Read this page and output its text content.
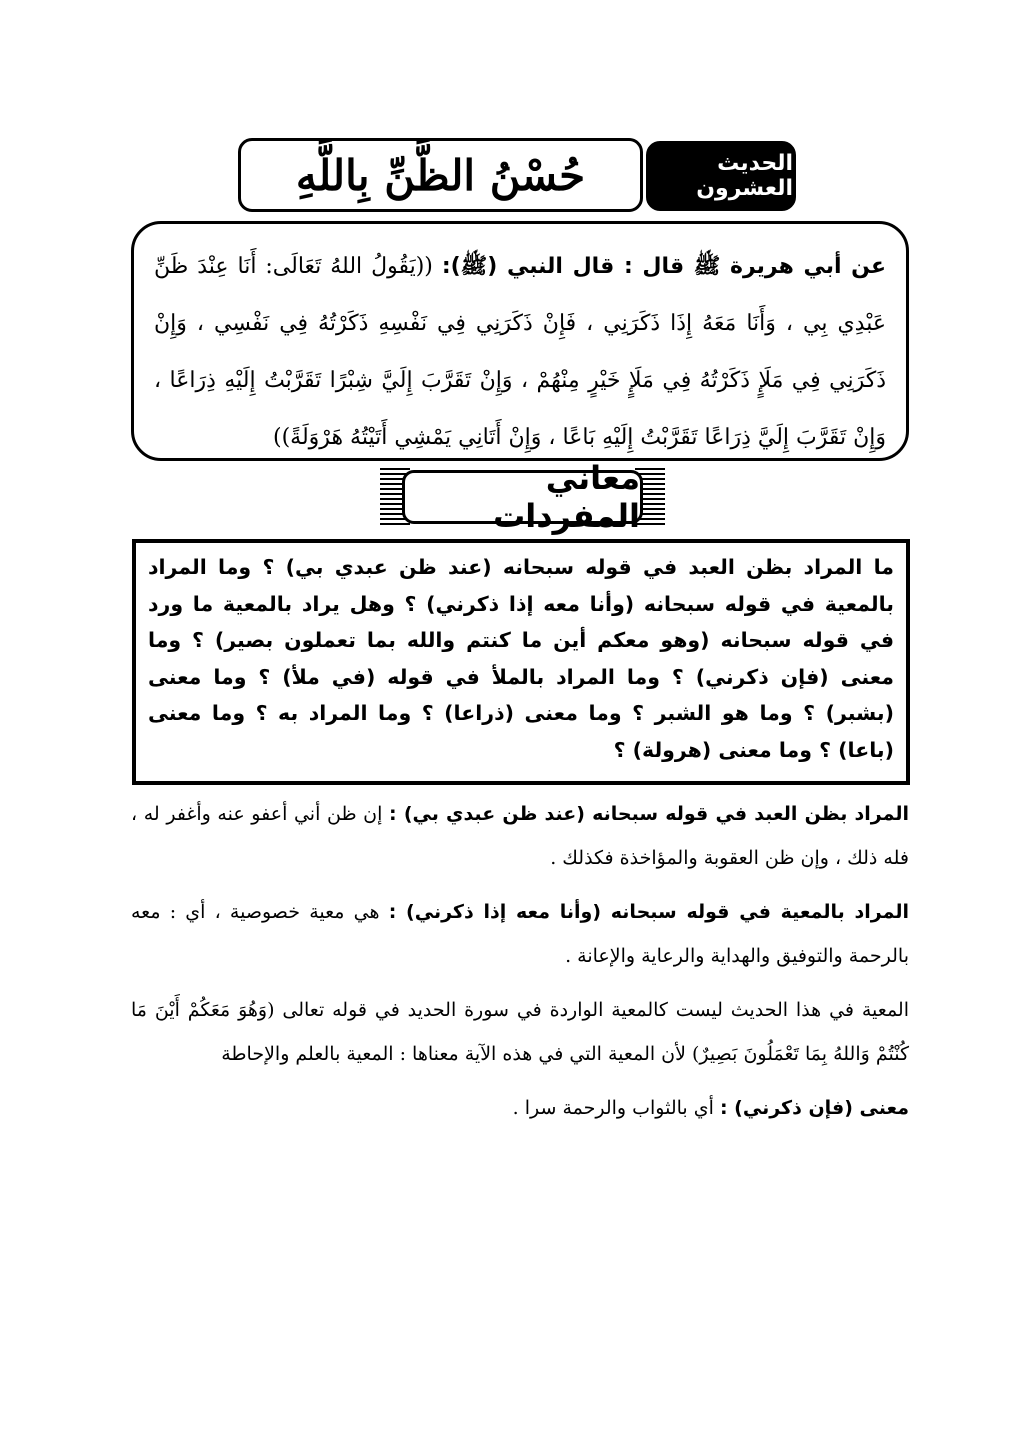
حُسْنُ الظَّنِّ بِاللَّهِ	الحديث العشرون
عن أبي هريرة ﷺ قال : قال النبي (ﷺ): ((يَقُولُ اللهُ تَعَالَى: أَنَا عِنْدَ ظَنِّ عَبْدِي بِي ، وَأَنَا مَعَهُ إِذَا ذَكَرَنِي ، فَإِنْ ذَكَرَنِي فِي نَفْسِهِ ذَكَرْتُهُ فِي نَفْسِي ، وَإِنْ ذَكَرَنِي فِي مَلَإٍ ذَكَرْتُهُ فِي مَلَإٍ خَيْرٍ مِنْهُمْ ، وَإِنْ تَقَرَّبَ إِلَيَّ شِبْرًا تَقَرَّبْتُ إِلَيْهِ ذِرَاعًا ، وَإِنْ تَقَرَّبَ إِلَيَّ ذِرَاعًا تَقَرَّبْتُ إِلَيْهِ بَاعًا ، وَإِنْ أَتَانِي يَمْشِي أَتَيْتُهُ هَرْوَلَةً))
معاني المفردات
ما المراد بظن العبد في قوله سبحانه (عند ظن عبدي بي) ؟ وما المراد بالمعية في قوله سبحانه (وأنا معه إذا ذكرني) ؟ وهل يراد بالمعية ما ورد في قوله سبحانه (وهو معكم أين ما كنتم والله بما تعملون بصير) ؟ وما معنى (فإن ذكرني) ؟ وما المراد بالملأ في قوله (في ملأ) ؟ وما معنى (بشبر) ؟ وما هو الشبر ؟ وما معنى (ذراعا) ؟ وما المراد به ؟ وما معنى (باعا) ؟ وما معنى (هرولة) ؟

المراد بظن العبد في قوله سبحانه (عند ظن عبدي بي) : إن ظن أني أعفو عنه وأغفر له ، فله ذلك ، وإن ظن العقوبة والمؤاخذة فكذلك .

المراد بالمعية في قوله سبحانه (وأنا معه إذا ذكرني) : هي معية خصوصية ، أي : معه بالرحمة والتوفيق والهداية والرعاية والإعانة .

المعية في هذا الحديث ليست كالمعية الواردة في سورة الحديد في قوله تعالى (وَهُوَ مَعَكُمْ أَيْنَ مَا كُنْتُمْ وَاللهُ بِمَا تَعْمَلُونَ بَصِيرٌ) لأن المعية التي في هذه الآية معناها : المعية بالعلم والإحاطة

معنى (فإن ذكرني) : أي بالثواب والرحمة سرا .
